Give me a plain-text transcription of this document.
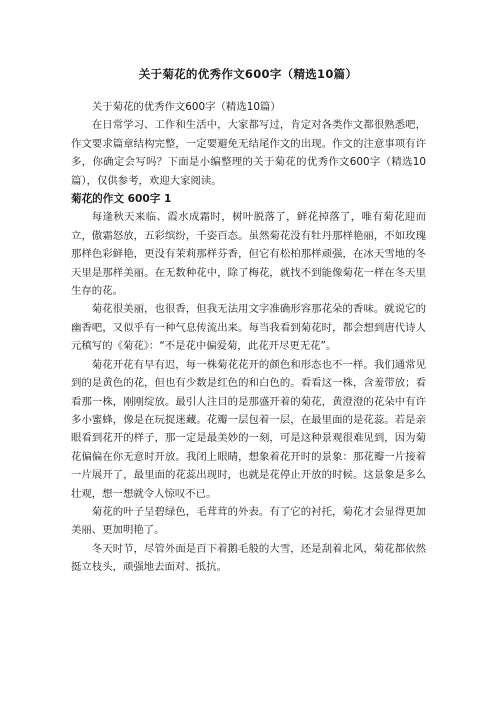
关于菊花的优秀作文600字（精选10篇）

关于菊花的优秀作文600字（精选10篇）

在日常学习、工作和生活中，大家都写过，肯定对各类作文都很熟悉吧，作文要求篇章结构完整，一定要避免无结尾作文的出现。作文的注意事项有许多，你确定会写吗？下面是小编整理的关于菊花的优秀作文600字（精选10篇），仅供参考，欢迎大家阅读。

菊花的作文 600字 1

每逢秋天来临、霞水成霜时，树叶脱落了，鲜花掉落了，唯有菊花迎而立，傲霜怒放，五彩缤纷，千姿百态。虽然菊花没有牡丹那样艳丽，不如玫瑰那样色彩鲜艳，更没有茉莉那样芬香，但它有松柏那样顽强，在冰天雪地的冬天里是那样美丽。在无数种花中，除了梅花，就找不到能像菊花一样在冬天里生存的花。

菊花很美丽，也很香，但我无法用文字准确形容那花朵的香味。就说它的幽香吧，又似乎有一种气息传流出来。每当我看到菊花时，都会想到唐代诗人元稹写的《菊花》：“不是花中偏爱菊，此花开尽更无花”。

菊花开花有早有迟，每一株菊花花开的颜色和形态也不一样。我们通常见到的是黄色的花，但也有少数是红色的和白色的。看看这一株，含羞带放；看看那一株，刚刚绽放。最引人注目的是那盛开着的菊花，黄澄澄的花朵中有许多小蜜蜂，像是在玩捉迷藏。花瓣一层包着一层，在最里面的是花蕊。若是亲眼看到花开的样子，那一定是最美妙的一刻，可是这种景观很难见到，因为菊花偏偏在你无意时开放。我闭上眼睛，想象着花开时的景象：那花瓣一片接着一片展开了，最里面的花蕊出现时，也就是花停止开放的时候。这景象是多么壮观，想一想就令人惊叹不已。

菊花的叶子呈碧绿色，毛茸茸的外表。有了它的衬托，菊花才会显得更加美丽、更加明艳了。

冬天时节，尽管外面是百下着鹅毛般的大雪，还是刮着北风，菊花都依然挺立枝头，顽强地去面对、抵抗。
